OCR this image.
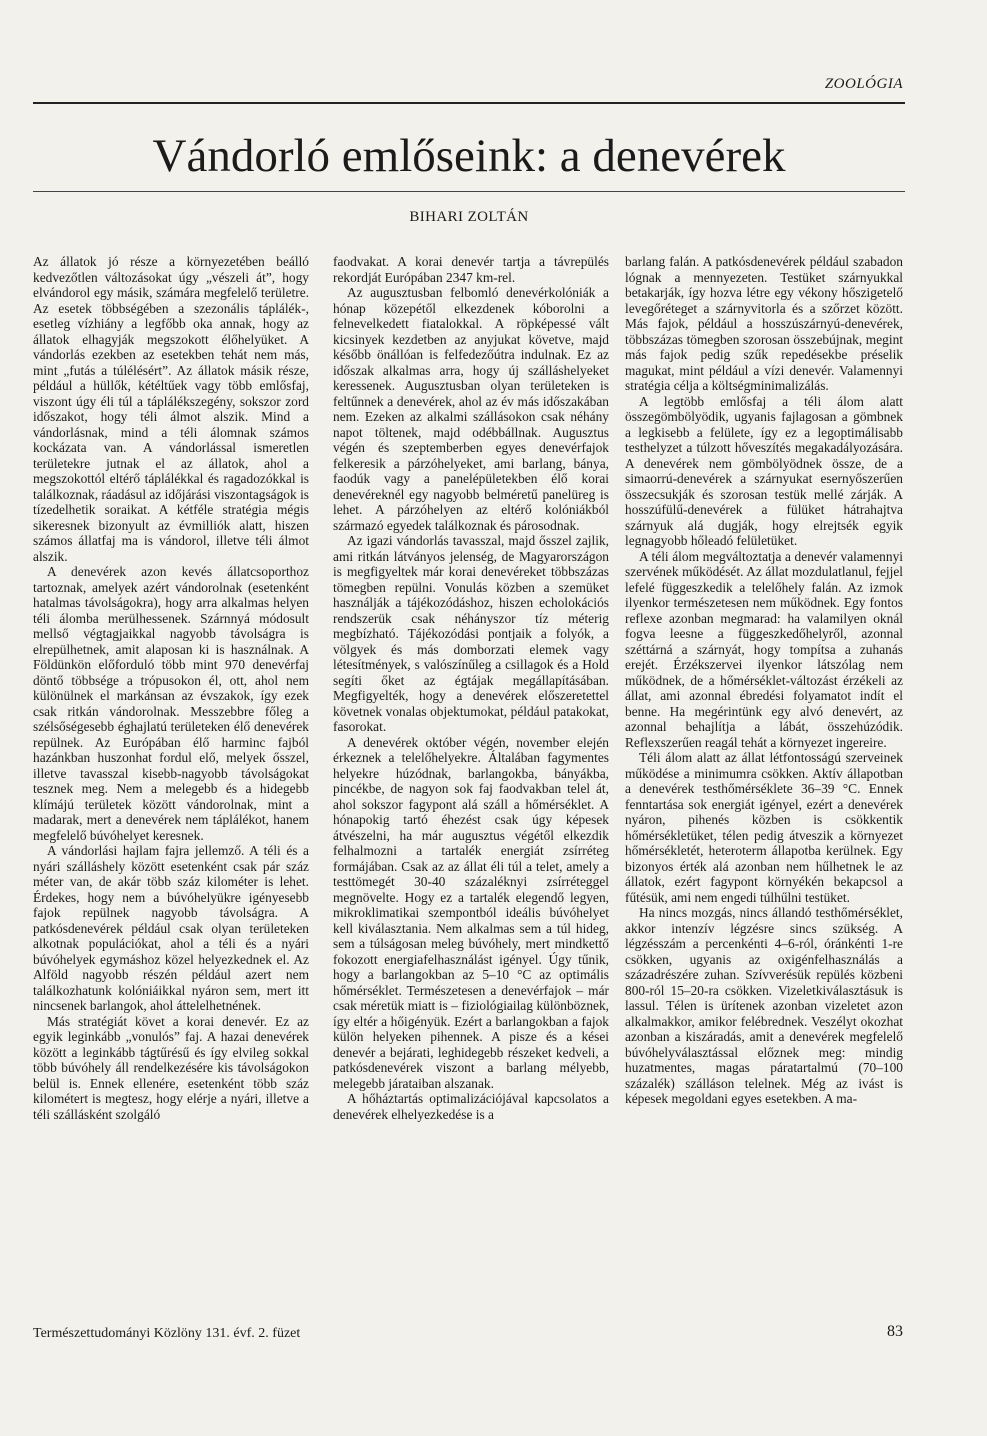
ZOOLÓGIA
Vándorló emlőseink: a denevérek
BIHARI ZOLTÁN

Az állatok jó része a környezetében beálló kedvezőtlen változásokat úgy „vészeli át”, hogy elvándorol egy másik, számára megfelelő területre. Az esetek többségében a szezonális táplálék-, esetleg vízhiány a legfőbb oka annak, hogy az állatok elhagyják megszokott élőhelyüket. A vándorlás ezekben az esetekben tehát nem más, mint „futás a túlélésért”. Az állatok másik része, például a hüllők, kétéltűek vagy több emlősfaj, viszont úgy éli túl a táplálékszegény, sokszor zord időszakot, hogy téli álmot alszik. Mind a vándorlásnak, mind a téli álomnak számos kockázata van. A vándorlással ismeretlen területekre jutnak el az állatok, ahol a megszokottól eltérő táplálékkal és ragadozókkal is találkoznak, ráadásul az időjárási viszontagságok is tízedelhetik soraikat. A kétféle stratégia mégis sikeresnek bizonyult az évmilliók alatt, hiszen számos állatfaj ma is vándorol, illetve téli álmot alszik.

A denevérek azon kevés állatcsoporthoz tartoznak, amelyek azért vándorolnak (esetenként hatalmas távolságokra), hogy arra alkalmas helyen téli álomba merülhessenek. Szárnnyá módosult mellső végtagjaikkal nagyobb távolságra is elrepülhetnek, amit alaposan ki is használnak. A Földünkön előforduló több mint 970 denevérfaj döntő többsége a trópusokon él, ott, ahol nem különülnek el markánsan az évszakok, így ezek csak ritkán vándorolnak. Messzebbre főleg a szélsőségesebb éghajlatú területeken élő denevérek repülnek. Az Európában élő harminc fajból hazánkban huszonhat fordul elő, melyek ősszel, illetve tavasszal kisebb-nagyobb távolságokat tesznek meg. Nem a melegebb és a hidegebb klímájú területek között vándorolnak, mint a madarak, mert a denevérek nem táplálékot, hanem megfelelő búvóhelyet keresnek.

A vándorlási hajlam fajra jellemző. A téli és a nyári szálláshely között esetenként csak pár száz méter van, de akár több száz kilométer is lehet. Érdekes, hogy nem a búvóhelyükre igényesebb fajok repülnek nagyobb távolságra. A patkósdenevérek például csak olyan területeken alkotnak populációkat, ahol a téli és a nyári búvóhelyek egymáshoz közel helyezkednek el. Az Alföld nagyobb részén például azert nem találkozhatunk kolóniáikkal nyáron sem, mert itt nincsenek barlangok, ahol áttelelhetnének.

Más stratégiát követ a korai denevér. Ez az egyik leginkább „vonulós” faj. A hazai denevérek között a leginkább tágtűrésű és így elvileg sokkal több búvóhely áll rendelkezésére kis távolságokon belül is. Ennek ellenére, esetenként több száz kilométert is megtesz, hogy elérje a nyári, illetve a téli szállásként szolgáló

faodvakat. A korai denevér tartja a távrepülés rekordját Európában 2347 km-rel.

Az augusztusban felbomló denevérkolóniák a hónap közepétől elkezdenek kóborolni a felnevelkedett fiatalokkal. A röpképessé vált kicsinyek kezdetben az anyjukat követve, majd később önállóan is felfedezőútra indulnak. Ez az időszak alkalmas arra, hogy új szálláshelyeket keressenek. Augusztusban olyan területeken is feltűnnek a denevérek, ahol az év más időszakában nem. Ezeken az alkalmi szállásokon csak néhány napot töltenek, majd odébbállnak. Augusztus végén és szeptemberben egyes denevérfajok felkeresik a párzóhelyeket, ami barlang, bánya, faodúk vagy a panelépületekben élő korai denevéreknél egy nagyobb belméretű panelüreg is lehet. A párzóhelyen az eltérő kolóniákból származó egyedek találkoznak és párosodnak.

Az igazi vándorlás tavasszal, majd ősszel zajlik, ami ritkán látványos jelenség, de Magyarországon is megfigyeltek már korai denevéreket többszázas tömegben repülni. Vonulás közben a szemüket használják a tájékozódáshoz, hiszen echolokációs rendszerük csak néhányszor tíz méterig megbízható. Tájékozódási pontjaik a folyók, a völgyek és más domborzati elemek vagy létesítmények, s valószínűleg a csillagok és a Hold segíti őket az égtájak megállapításában. Megfigyelték, hogy a denevérek előszeretettel követnek vonalas objektumokat, például patakokat, fasorokat.

A denevérek október végén, november elején érkeznek a telelőhelyekre. Általában fagymentes helyekre húzódnak, barlangokba, bányákba, pincékbe, de nagyon sok faj faodvakban telel át, ahol sokszor fagypont alá száll a hőmérséklet. A hónapokig tartó éhezést csak úgy képesek átvészelni, ha már augusztus végétől elkezdik felhalmozni a tartalék energiát zsírréteg formájában. Csak az az állat éli túl a telet, amely a testtömegét 30-40 százaléknyi zsírréteggel megnövelte. Hogy ez a tartalék elegendő legyen, mikroklimatikai szempontból ideális búvóhelyet kell kiválasztania. Nem alkalmas sem a túl hideg, sem a túlságosan meleg búvóhely, mert mindkettő fokozott energiafelhasználást igényel. Úgy tűnik, hogy a barlangokban az 5–10 °C az optimális hőmérséklet. Természetesen a denevérfajok – már csak méretük miatt is – fiziológiailag különböznek, így eltér a hőigényük. Ezért a barlangokban a fajok külön helyeken pihennek. A pisze és a kései denevér a bejárati, leghidegebb részeket kedveli, a patkósdenevérek viszont a barlang mélyebb, melegebb járataiban alszanak.

A hőháztartás optimalizációjával kapcsolatos a denevérek elhelyezkedése is a

barlang falán. A patkósdenevérek például szabadon lógnak a mennyezeten. Testüket szárnyukkal betakarják, így hozva létre egy vékony hőszigetelő levegőréteget a szárnyvitorla és a szőrzet között. Más fajok, például a hosszúszárnyú-denevérek, többszázas tömegben szorosan összebújnak, megint más fajok pedig szűk repedésekbe préselik magukat, mint például a vízi denevér. Valamennyi stratégia célja a költségminimalizálás.

A legtöbb emlősfaj a téli álom alatt összegömbölyödik, ugyanis fajlagosan a gömbnek a legkisebb a felülete, így ez a legoptimálisabb testhelyzet a túlzott hőveszítés megakadályozására. A denevérek nem gömbölyödnek össze, de a simaorrú-denevérek a szárnyukat esernyőszerűen összecsukják és szorosan testük mellé zárják. A hosszúfülű-denevérek a fülüket hátrahajtva szárnyuk alá dugják, hogy elrejtsék egyik legnagyobb hőleadó felületüket.

A téli álom megváltoztatja a denevér valamennyi szervének működését. Az állat mozdulatlanul, fejjel lefelé függeszkedik a telelőhely falán. Az izmok ilyenkor természetesen nem működnek. Egy fontos reflexe azonban megmarad: ha valamilyen oknál fogva leesne a függeszkedőhelyről, azonnal széttárná a szárnyát, hogy tompítsa a zuhanás erejét. Érzékszervei ilyenkor látszólag nem működnek, de a hőmérséklet-változást érzékeli az állat, ami azonnal ébredési folyamatot indít el benne. Ha megérintünk egy alvó denevért, az azonnal behajlítja a lábát, összehúzódik. Reflexszerűen reagál tehát a környezet ingereire.

Téli álom alatt az állat létfontosságú szerveinek működése a minimumra csökken. Aktív állapotban a denevérek testhőmérséklete 36–39 °C. Ennek fenntartása sok energiát igényel, ezért a denevérek nyáron, pihenés közben is csökkentik hőmérsékletüket, télen pedig átveszik a környezet hőmérsékletét, heteroterm állapotba kerülnek. Egy bizonyos érték alá azonban nem hűlhetnek le az állatok, ezért fagypont környékén bekapcsol a fűtésük, ami nem engedi túlhűlni testüket.

Ha nincs mozgás, nincs állandó testhőmérséklet, akkor intenzív légzésre sincs szükség. A légzésszám a percenkénti 4–6-ról, óránkénti 1-re csökken, ugyanis az oxigénfelhasználás a századrészére zuhan. Szívverésük repülés közbeni 800-ról 15–20-ra csökken. Vizeletkiválasztásuk is lassul. Télen is ürítenek azonban vizeletet azon alkalmakkor, amikor felébrednek. Veszélyt okozhat azonban a kiszáradás, amit a denevérek megfelelő búvóhelyválasztással előznek meg: mindig huzatmentes, magas páratartalmú (70–100 százalék) szálláson telelnek. Még az ivást is képesek megoldani egyes esetekben. A ma-

Természettudományi Közlöny 131. évf. 2. füzet	83
